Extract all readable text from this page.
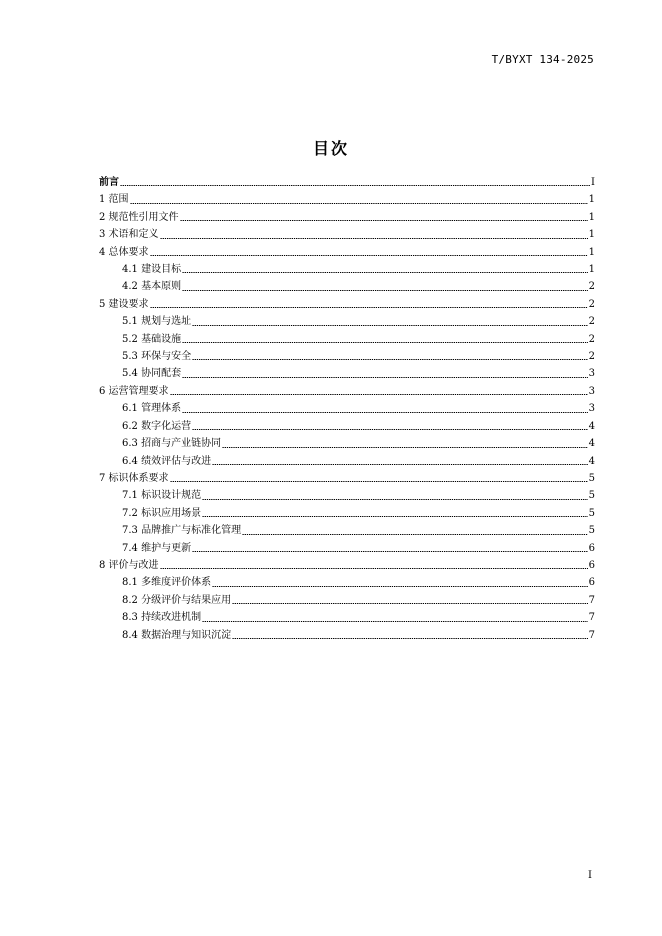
T/BYXT 134-2025
目次
前言	I
1 范围	1
2 规范性引用文件	1
3 术语和定义	1
4 总体要求	1
4.1 建设目标	1
4.2 基本原则	2
5 建设要求	2
5.1 规划与选址	2
5.2 基础设施	2
5.3 环保与安全	2
5.4 协同配套	3
6 运营管理要求	3
6.1 管理体系	3
6.2 数字化运营	4
6.3 招商与产业链协同	4
6.4 绩效评估与改进	4
7 标识体系要求	5
7.1 标识设计规范	5
7.2 标识应用场景	5
7.3 品牌推广与标准化管理	5
7.4 维护与更新	6
8 评价与改进	6
8.1 多维度评价体系	6
8.2 分级评价与结果应用	7
8.3 持续改进机制	7
8.4 数据治理与知识沉淀	7
I
